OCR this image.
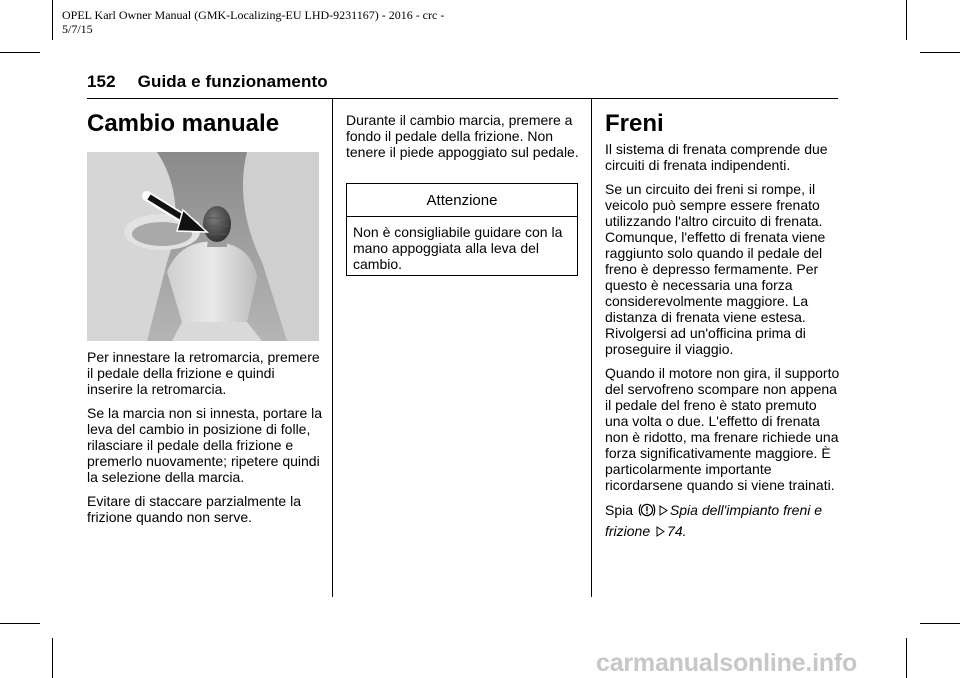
OPEL Karl Owner Manual (GMK-Localizing-EU LHD-9231167) - 2016 - crc -
5/7/15
152 Guida e funzionamento
Cambio manuale

Per innestare la retromarcia, premere il pedale della frizione e quindi inserire la retromarcia.

Se la marcia non si innesta, portare la leva del cambio in posizione di folle, rilasciare il pedale della frizione e premerlo nuovamente; ripetere quindi la selezione della marcia.

Evitare di staccare parzialmente la frizione quando non serve.

Durante il cambio marcia, premere a fondo il pedale della frizione. Non tenere il piede appoggiato sul pedale.

Attenzione
Non è consigliabile guidare con la mano appoggiata alla leva del cambio.
Freni

Il sistema di frenata comprende due circuiti di frenata indipendenti.

Se un circuito dei freni si rompe, il veicolo può sempre essere frenato utilizzando l'altro circuito di frenata. Comunque, l'effetto di frenata viene raggiunto solo quando il pedale del freno è depresso fermamente. Per questo è necessaria una forza considerevolmente maggiore. La distanza di frenata viene estesa. Rivolgersi ad un'officina prima di proseguire il viaggio.

Quando il motore non gira, il supporto del servofreno scompare non appena il pedale del freno è stato premuto una volta o due. L'effetto di frenata non è ridotto, ma frenare richiede una forza significativamente maggiore. È particolarmente importante ricordarsene quando si viene trainati.

Spia	Spia dell'impianto freni e
frizione 74.

carmanualsonline.info
